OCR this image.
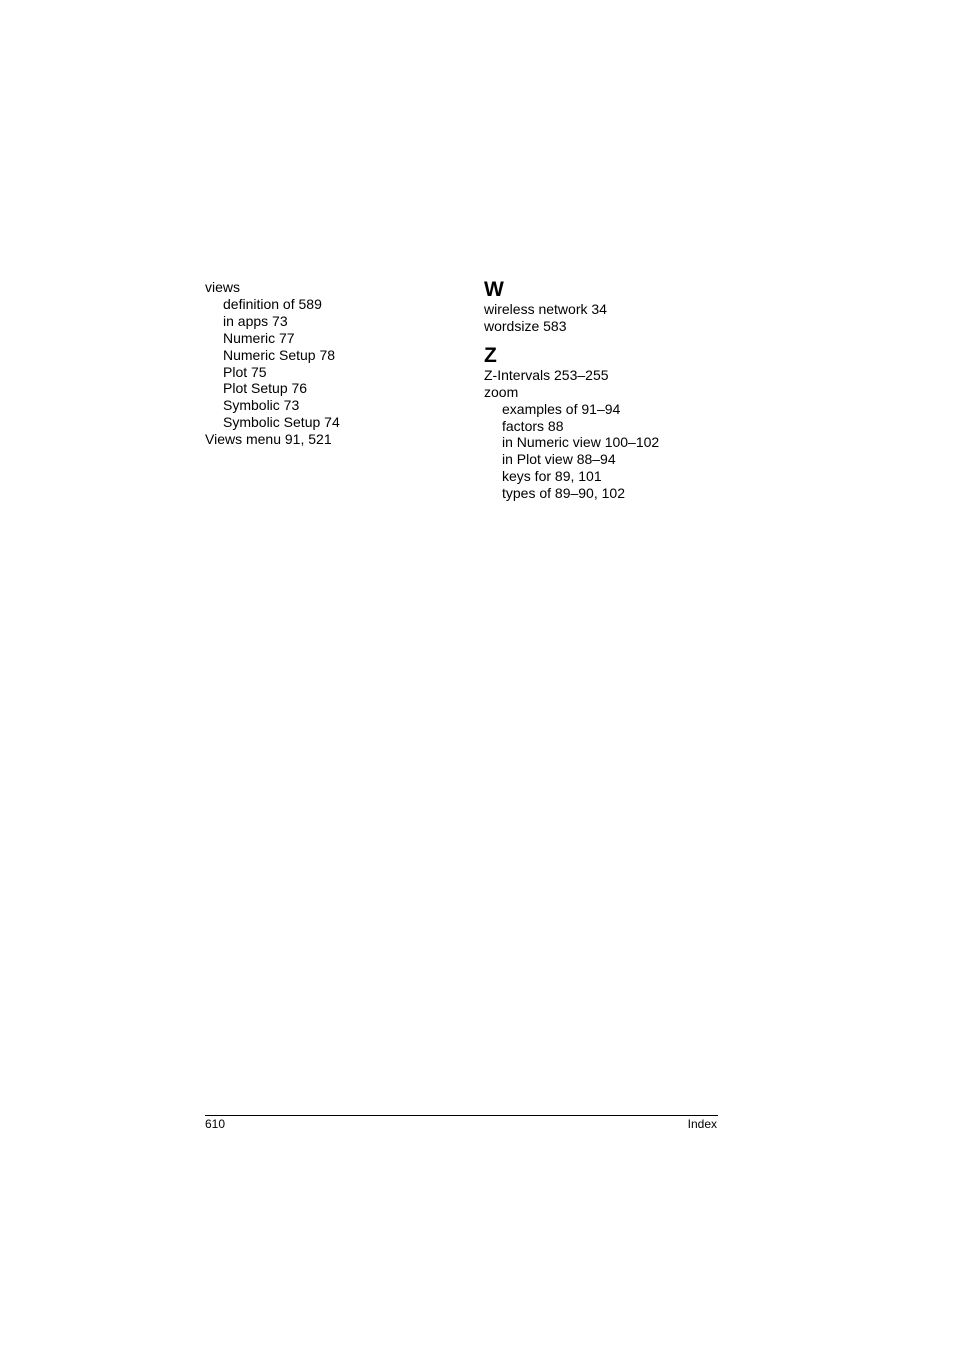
views
definition of 589
in apps 73
Numeric 77
Numeric Setup 78
Plot 75
Plot Setup 76
Symbolic 73
Symbolic Setup 74
Views menu 91, 521
W
wireless network 34
wordsize 583
Z
Z-Intervals 253–255
zoom
examples of 91–94
factors 88
in Numeric view 100–102
in Plot view 88–94
keys for 89, 101
types of 89–90, 102
610	Index
